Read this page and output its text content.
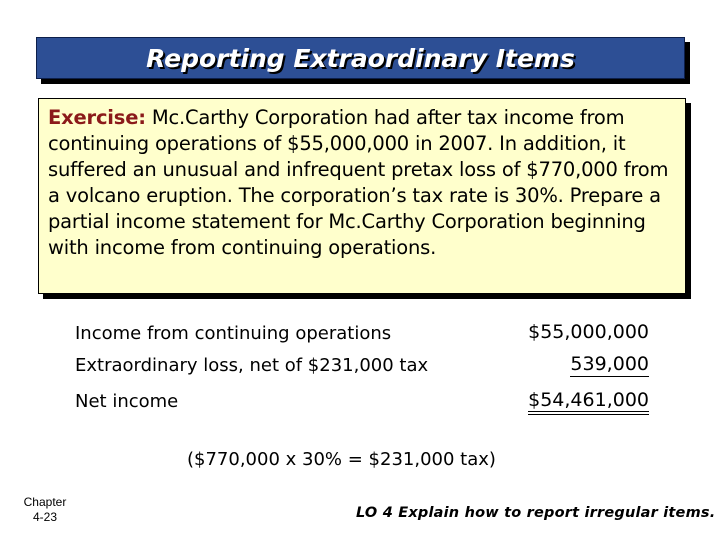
Reporting Extraordinary Items
Exercise: Mc.Carthy Corporation had after tax income from continuing operations of $55,000,000 in 2007. In addition, it suffered an unusual and infrequent pretax loss of $770,000 from a volcano eruption. The corporation’s tax rate is 30%. Prepare a partial income statement for Mc.Carthy Corporation beginning with income from continuing operations.
Income from continuing operations	$55,000,000
Extraordinary loss, net of $231,000 tax	539,000
Net income	$54,461,000
($770,000 x 30% = $231,000 tax)
Chapter
4-23	LO 4 Explain how to report irregular items.
